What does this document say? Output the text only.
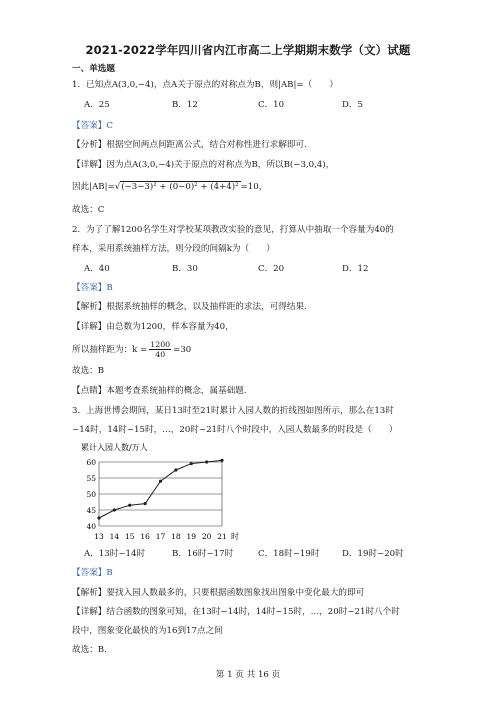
2021-2022学年四川省内江市高二上学期期末数学（文）试题
一、单选题
1．已知点A(3,0,−4)，点A关于原点的对称点为B，则|AB|=（　　）
A．25	B．12	C．10	D．5
【答案】C
【分析】根据空间两点间距离公式，结合对称性进行求解即可.
【详解】因为点A(3,0,−4)关于原点的对称点为B，所以B(−3,0,4)，
因此|AB|=√(−3−3)² + (0−0)² + (4+4)² =10，
故选：C
2．为了了解1200名学生对学校某项教改实验的意见，打算从中抽取一个容量为40的
样本，采用系统抽样方法，则分段的间隔k为（　　）
A．40	B．30	C．20	D．12
【答案】B
【解析】根据系统抽样的概念，以及抽样距的求法，可得结果.
【详解】由总数为1200，样本容量为40，
所以抽样距为：$k = \frac{1200}{40} =30$
故选：B
【点睛】本题考查系统抽样的概念，属基础题.
3．上海世博会期间，某日13时至21时累计入园人数的折线图如图所示，那么在13时
~14时，14时~15时，…，20时~21时八个时段中，入园人数最多的时段是（　　）
累计入园人数/万人
40
45
50
55
60
13 14 15 16 17 18 19 20 21 时
A．13时~14时	B．16时~17时	C．18时~19时	D．19时~20时
【答案】B
【解析】要找入园人数最多的，只要根据函数图象找出图象中变化最大的即可
【详解】结合函数的图象可知，在13时~14时，14时~15时，…，20时~21时八个时
段中，图象变化最快的为16到17点之间
故选：B.
第 1 页 共 16 页
